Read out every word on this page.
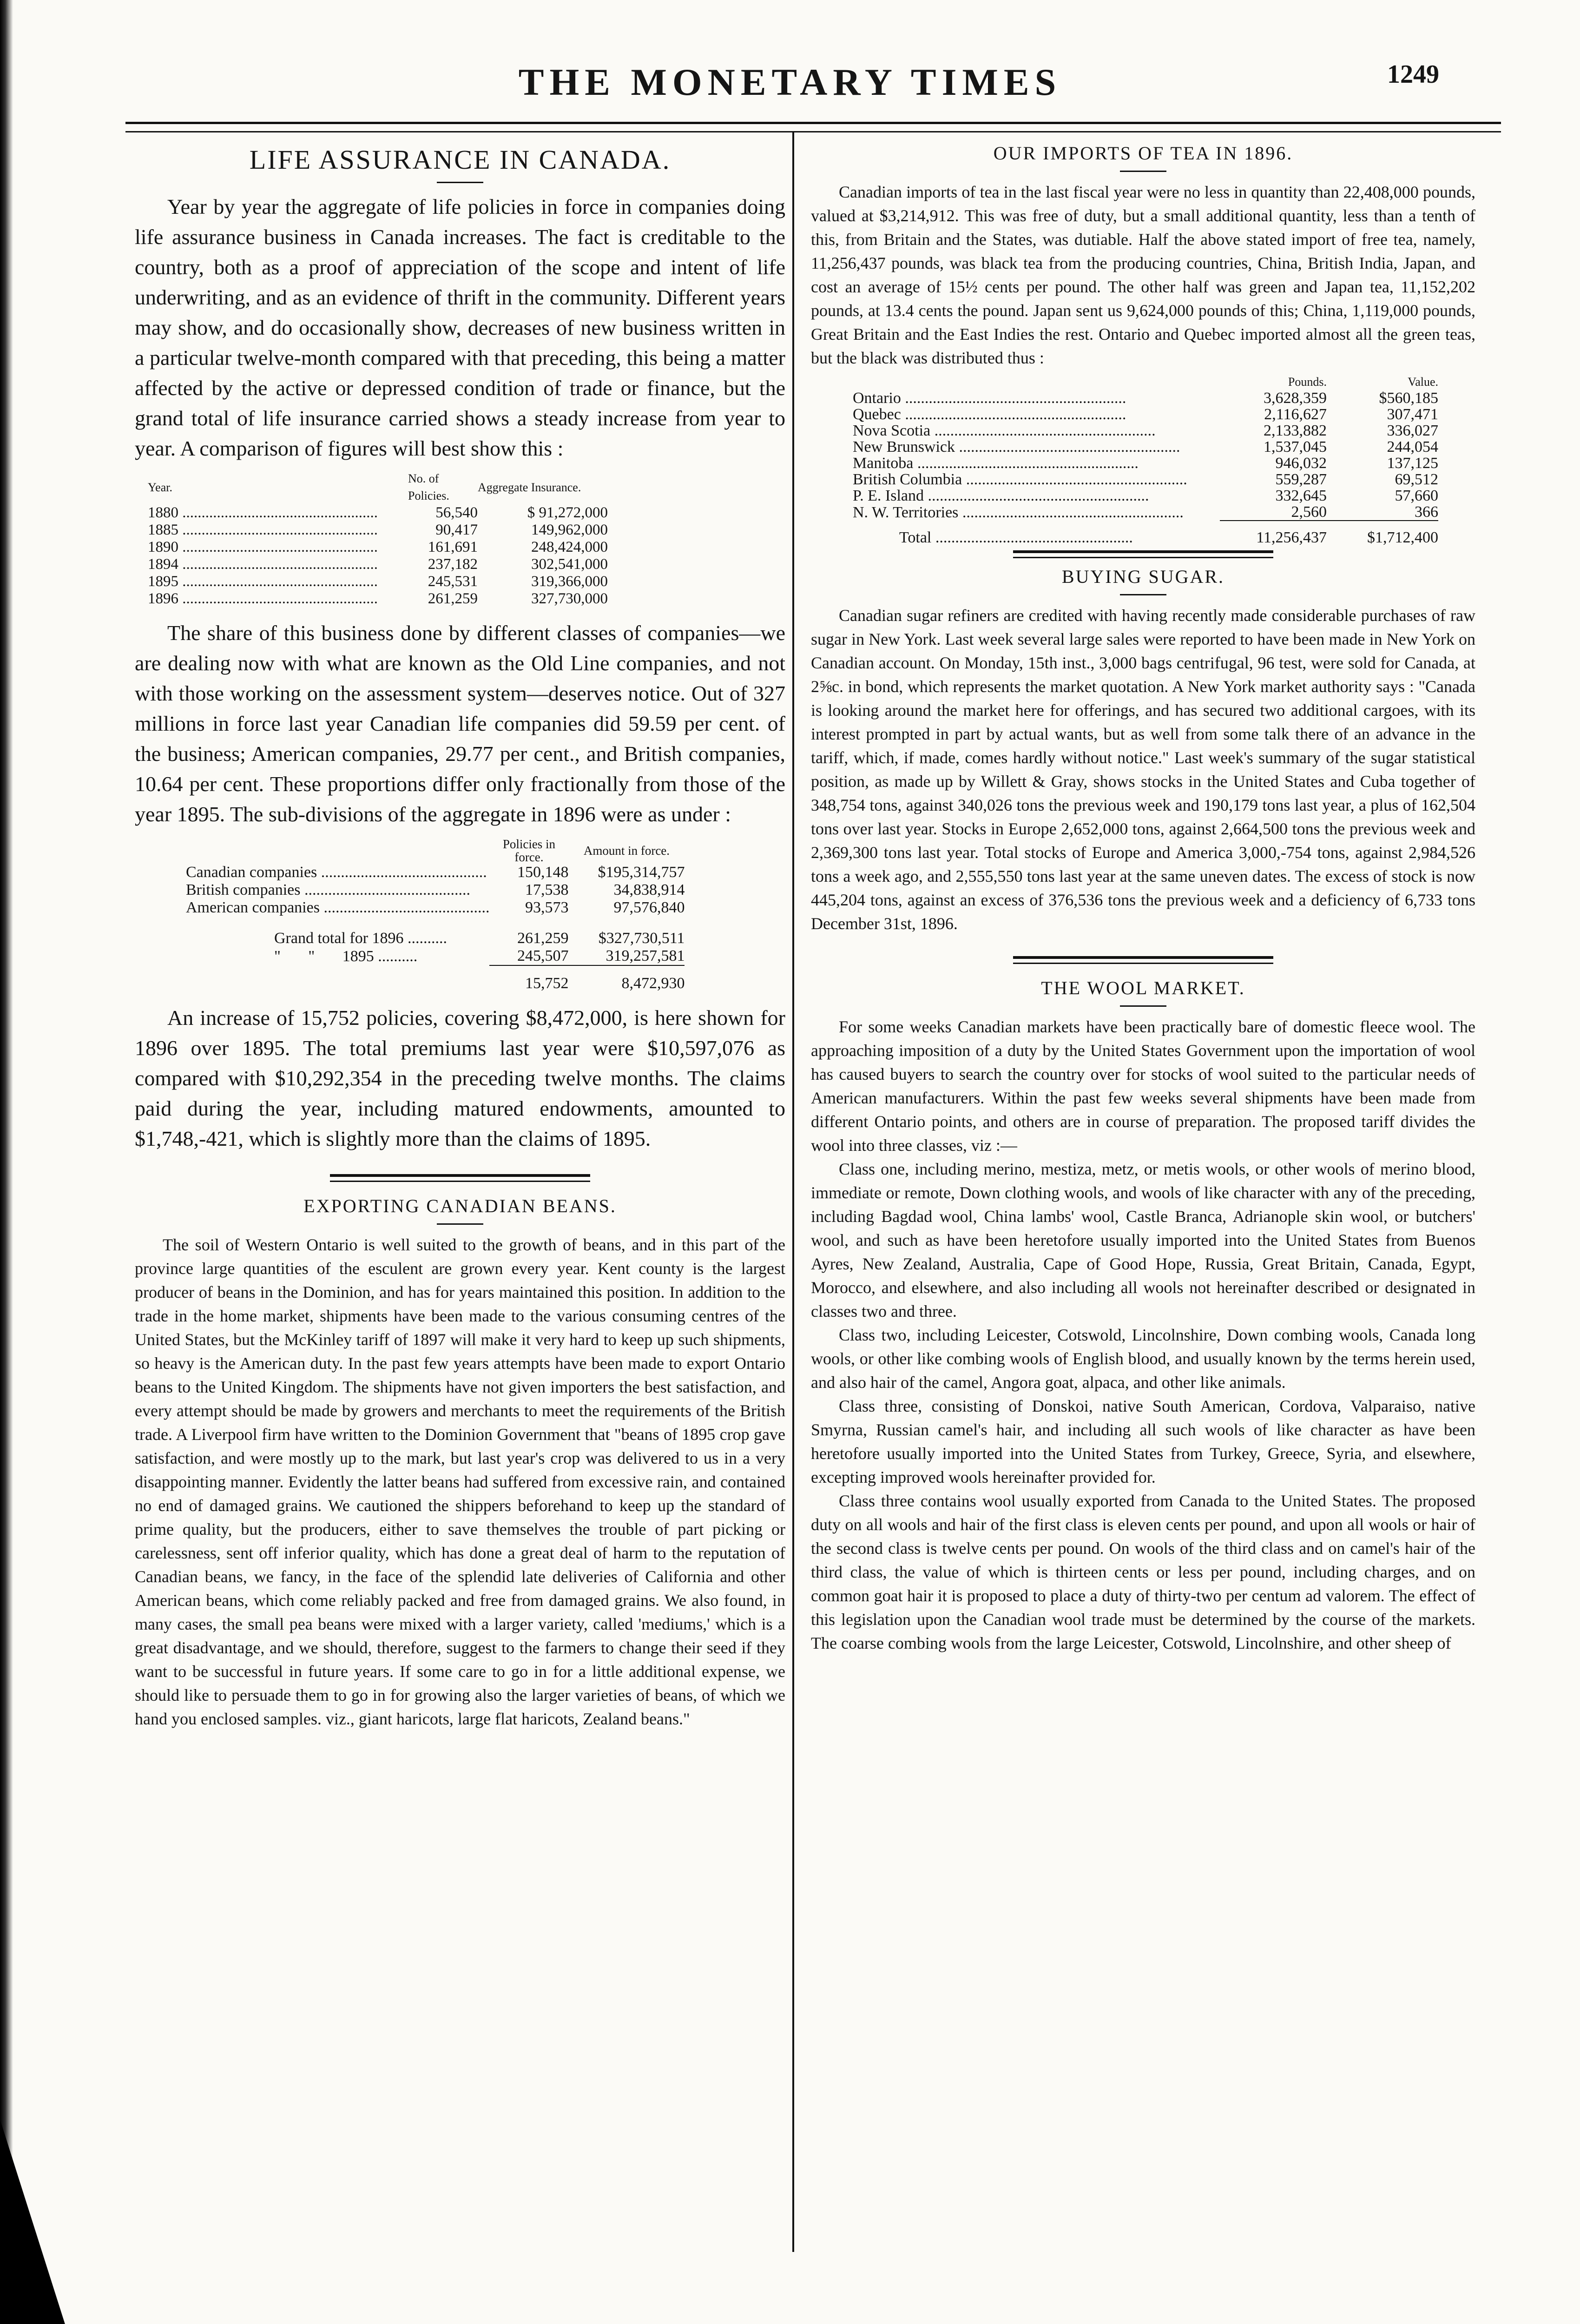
THE MONETARY TIMES	1249
LIFE ASSURANCE IN CANADA.

Year by year the aggregate of life policies in force in companies doing life assurance business in Canada increases. The fact is creditable to the country, both as a proof of appreciation of the scope and intent of life underwriting, and as an evidence of thrift in the community. Different years may show, and do occasionally show, decreases of new business written in a particular twelve-month compared with that preceding, this being a matter affected by the active or depressed condition of trade or finance, but the grand total of life insurance carried shows a steady increase from year to year. A comparison of figures will best show this :

Year.	No. of Policies.	Aggregate Insurance.
1880 ...................................................	56,540	$ 91,272,000
1885 ...................................................	90,417	149,962,000
1890 ...................................................	161,691	248,424,000
1894 ...................................................	237,182	302,541,000
1895 ...................................................	245,531	319,366,000
1896 ...................................................	261,259	327,730,000

The share of this business done by different classes of companies—we are dealing now with what are known as the Old Line companies, and not with those working on the assessment system—deserves notice. Out of 327 millions in force last year Canadian life companies did 59.59 per cent. of the business; American companies, 29.77 per cent., and British companies, 10.64 per cent. These proportions differ only fractionally from those of the year 1895. The sub-divisions of the aggregate in 1896 were as under :

	Policies in force.	Amount in force.
Canadian companies ..........................................	150,148	$195,314,757
British companies ..........................................	17,538	34,838,914
American companies ..........................................	93,573	97,576,840

Grand total for 1896 ..........	261,259	$327,730,511
"       "       1895 ..........	245,507	319,257,581
	15,752	8,472,930

An increase of 15,752 policies, covering $8,472,000, is here shown for 1896 over 1895. The total premiums last year were $10,597,076 as compared with $10,292,354 in the preceding twelve months. The claims paid during the year, including matured endowments, amounted to $1,748,-421, which is slightly more than the claims of 1895.

EXPORTING CANADIAN BEANS.

The soil of Western Ontario is well suited to the growth of beans, and in this part of the province large quantities of the esculent are grown every year. Kent county is the largest producer of beans in the Dominion, and has for years maintained this position. In addition to the trade in the home market, shipments have been made to the various consuming centres of the United States, but the McKinley tariff of 1897 will make it very hard to keep up such shipments, so heavy is the American duty. In the past few years attempts have been made to export Ontario beans to the United Kingdom. The shipments have not given importers the best satisfaction, and every attempt should be made by growers and merchants to meet the requirements of the British trade. A Liverpool firm have written to the Dominion Government that "beans of 1895 crop gave satisfaction, and were mostly up to the mark, but last year's crop was delivered to us in a very disappointing manner. Evidently the latter beans had suffered from excessive rain, and contained no end of damaged grains. We cautioned the shippers beforehand to keep up the standard of prime quality, but the producers, either to save themselves the trouble of part picking or carelessness, sent off inferior quality, which has done a great deal of harm to the reputation of Canadian beans, we fancy, in the face of the splendid late deliveries of California and other American beans, which come reliably packed and free from damaged grains. We also found, in many cases, the small pea beans were mixed with a larger variety, called 'mediums,' which is a great disadvantage, and we should, therefore, suggest to the farmers to change their seed if they want to be successful in future years. If some care to go in for a little additional expense, we should like to persuade them to go in for growing also the larger varieties of beans, of which we hand you enclosed samples. viz., giant haricots, large flat haricots, Zealand beans."

OUR IMPORTS OF TEA IN 1896.

Canadian imports of tea in the last fiscal year were no less in quantity than 22,408,000 pounds, valued at $3,214,912. This was free of duty, but a small additional quantity, less than a tenth of this, from Britain and the States, was dutiable. Half the above stated import of free tea, namely, 11,256,437 pounds, was black tea from the producing countries, China, British India, Japan, and cost an average of 15½ cents per pound. The other half was green and Japan tea, 11,152,202 pounds, at 13.4 cents the pound. Japan sent us 9,624,000 pounds of this; China, 1,119,000 pounds, Great Britain and the East Indies the rest. Ontario and Quebec imported almost all the green teas, but the black was distributed thus :

	Pounds.	Value.
Ontario ........................................................	3,628,359	$560,185
Quebec ........................................................	2,116,627	307,471
Nova Scotia ........................................................	2,133,882	336,027
New Brunswick ........................................................	1,537,045	244,054
Manitoba ........................................................	946,032	137,125
British Columbia ........................................................	559,287	69,512
P. E. Island ........................................................	332,645	57,660
N. W. Territories ........................................................	2,560	366
Total ..................................................	11,256,437	$1,712,400
BUYING SUGAR.

Canadian sugar refiners are credited with having recently made considerable purchases of raw sugar in New York. Last week several large sales were reported to have been made in New York on Canadian account. On Monday, 15th inst., 3,000 bags centrifugal, 96 test, were sold for Canada, at 2⅝c. in bond, which represents the market quotation. A New York market authority says : "Canada is looking around the market here for offerings, and has secured two additional cargoes, with its interest prompted in part by actual wants, but as well from some talk there of an advance in the tariff, which, if made, comes hardly without notice." Last week's summary of the sugar statistical position, as made up by Willett & Gray, shows stocks in the United States and Cuba together of 348,754 tons, against 340,026 tons the previous week and 190,179 tons last year, a plus of 162,504 tons over last year. Stocks in Europe 2,652,000 tons, against 2,664,500 tons the previous week and 2,369,300 tons last year. Total stocks of Europe and America 3,000,-754 tons, against 2,984,526 tons a week ago, and 2,555,550 tons last year at the same uneven dates. The excess of stock is now 445,204 tons, against an excess of 376,536 tons the previous week and a deficiency of 6,733 tons December 31st, 1896.

THE WOOL MARKET.

For some weeks Canadian markets have been practically bare of domestic fleece wool. The approaching imposition of a duty by the United States Government upon the importation of wool has caused buyers to search the country over for stocks of wool suited to the particular needs of American manufacturers. Within the past few weeks several shipments have been made from different Ontario points, and others are in course of preparation. The proposed tariff divides the wool into three classes, viz :—

Class one, including merino, mestiza, metz, or metis wools, or other wools of merino blood, immediate or remote, Down clothing wools, and wools of like character with any of the preceding, including Bagdad wool, China lambs' wool, Castle Branca, Adrianople skin wool, or butchers' wool, and such as have been heretofore usually imported into the United States from Buenos Ayres, New Zealand, Australia, Cape of Good Hope, Russia, Great Britain, Canada, Egypt, Morocco, and elsewhere, and also including all wools not hereinafter described or designated in classes two and three.

Class two, including Leicester, Cotswold, Lincolnshire, Down combing wools, Canada long wools, or other like combing wools of English blood, and usually known by the terms herein used, and also hair of the camel, Angora goat, alpaca, and other like animals.

Class three, consisting of Donskoi, native South American, Cordova, Valparaiso, native Smyrna, Russian camel's hair, and including all such wools of like character as have been heretofore usually imported into the United States from Turkey, Greece, Syria, and elsewhere, excepting improved wools hereinafter provided for.

Class three contains wool usually exported from Canada to the United States. The proposed duty on all wools and hair of the first class is eleven cents per pound, and upon all wools or hair of the second class is twelve cents per pound. On wools of the third class and on camel's hair of the third class, the value of which is thirteen cents or less per pound, including charges, and on common goat hair it is proposed to place a duty of thirty-two per centum ad valorem. The effect of this legislation upon the Canadian wool trade must be determined by the course of the markets. The coarse combing wools from the large Leicester, Cotswold, Lincolnshire, and other sheep of
